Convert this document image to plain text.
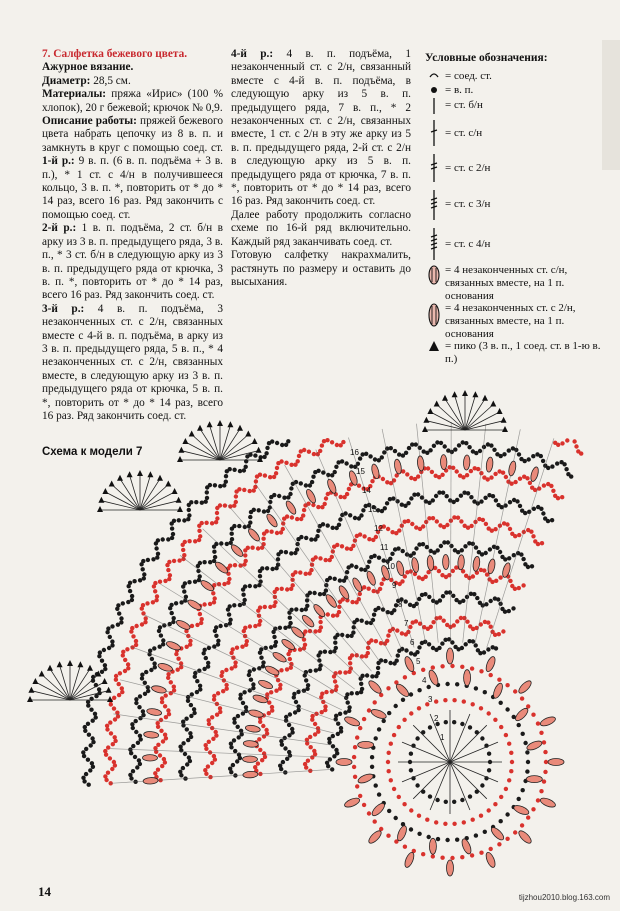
7. Салфетка бежевого цвета.

Ажурное вязание.

Диаметр: 28,5 см.

Материалы: пряжа «Ирис» (100 % хлопок), 20 г бежевой; крючок № 0,9.

Описание работы: пряжей бежевого цвета набрать цепочку из 8 в. п. и замкнуть в круг с помощью соед. ст. 1-й р.: 9 в. п. (6 в. п. подъёма + 3 в. п.), * 1 ст. с 4/н в получившееся кольцо, 3 в. п. *, повторить от * до * 14 раз, всего 16 раз. Ряд закончить с помощью соед. ст.

2-й р.: 1 в. п. подъёма, 2 ст. б/н в арку из 3 в. п. предыдущего ряда, 3 в. п., * 3 ст. б/н в следующую арку из 3 в. п. предыдущего ряда от крючка, 3 в. п. *, повторить от * до * 14 раз, всего 16 раз. Ряд закончить соед. ст.

3-й р.: 4 в. п. подъёма, 3 незаконченных ст. с 2/н, связанных вместе с 4-й в. п. подъёма, в арку из 3 в. п. предыдущего ряда, 5 в. п., * 4 незаконченных ст. с 2/н, связанных вместе, в следующую арку из 3 в. п. предыдущего ряда от крючка, 5 в. п. *, повторить от * до * 14 раз, всего 16 раз. Ряд закончить соед. ст.

4-й р.: 4 в. п. подъёма, 1 незаконченный ст. с 2/н, связанный вместе с 4-й в. п. подъёма, в следующую арку из 5 в. п. предыдущего ряда, 7 в. п., * 2 незаконченных ст. с 2/н, связанных вместе, 1 ст. с 2/н в эту же арку из 5 в. п. предыдущего ряда, 2-й ст. с 2/н в следующую арку из 5 в. п. предыдущего ряда от крючка, 7 в. п. *, повторить от * до * 14 раз, всего 16 раз. Ряд закончить соед. ст.

Далее работу продолжить согласно схеме по 16-й ряд включительно. Каждый ряд заканчивать соед. ст.

Готовую салфетку накрахмалить, растянуть по размеру и оставить до высыхания.

Условные обозначения:
= соед. ст.
= в. п.
= ст. б/н
= ст. с/н
= ст. с 2/н
= ст. с 3/н
= ст. с 4/н
= 4 незаконченных ст. с/н, связанных вместе, на 1 п. основания
= 4 незаконченных ст. с 2/н, связанных вместе, на 1 п. основания
= пико (3 в. п., 1 соед. ст. в 1-ю в. п.)
Схема к модели 7
1
2
3
4
5
6
7
8
9
10
11
12
13
14
15
16
14	tijzhou2010.blog.163.com
